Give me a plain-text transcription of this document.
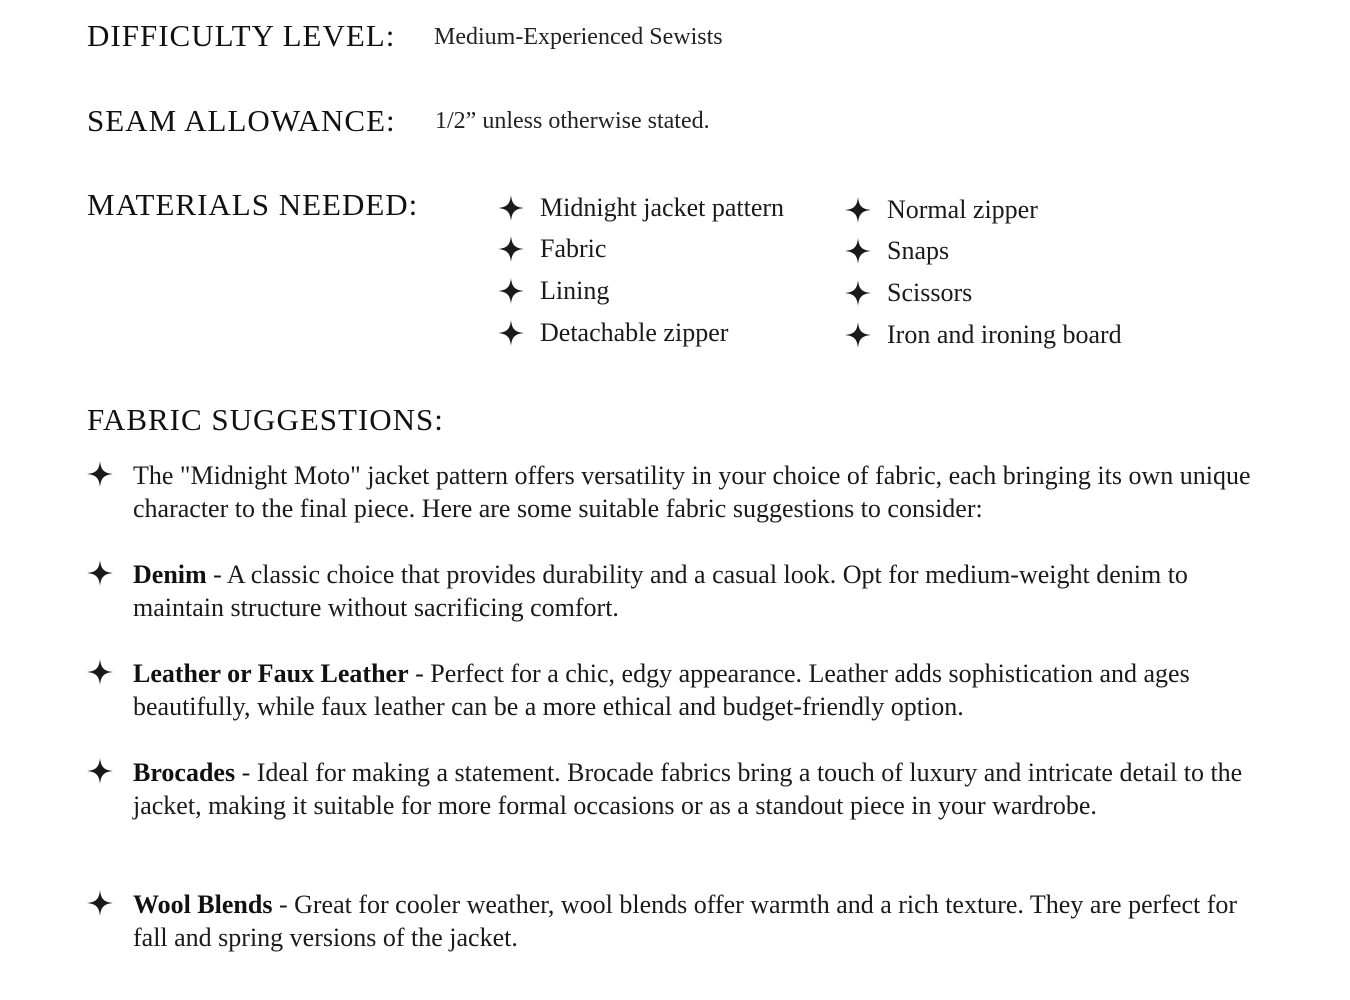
DIFFICULTY LEVEL: Medium-Experienced Sewists
SEAM ALLOWANCE: 1/2” unless otherwise stated.
MATERIALS NEEDED:	Midnight jacket pattern
Fabric
Lining
Detachable zipper
Normal zipper
Snaps
Scissors
Iron and ironing board
FABRIC SUGGESTIONS:
The "Midnight Moto" jacket pattern offers versatility in your choice of fabric, each bringing its own unique character to the final piece. Here are some suitable fabric suggestions to consider:
Denim - A classic choice that provides durability and a casual look. Opt for medium-weight denim to maintain structure without sacrificing comfort.
Leather or Faux Leather - Perfect for a chic, edgy appearance. Leather adds sophistication and ages beautifully, while faux leather can be a more ethical and budget-friendly option.
Brocades - Ideal for making a statement. Brocade fabrics bring a touch of luxury and intricate detail to the jacket, making it suitable for more formal occasions or as a standout piece in your wardrobe.
Wool Blends - Great for cooler weather, wool blends offer warmth and a rich texture. They are perfect for fall and spring versions of the jacket.
